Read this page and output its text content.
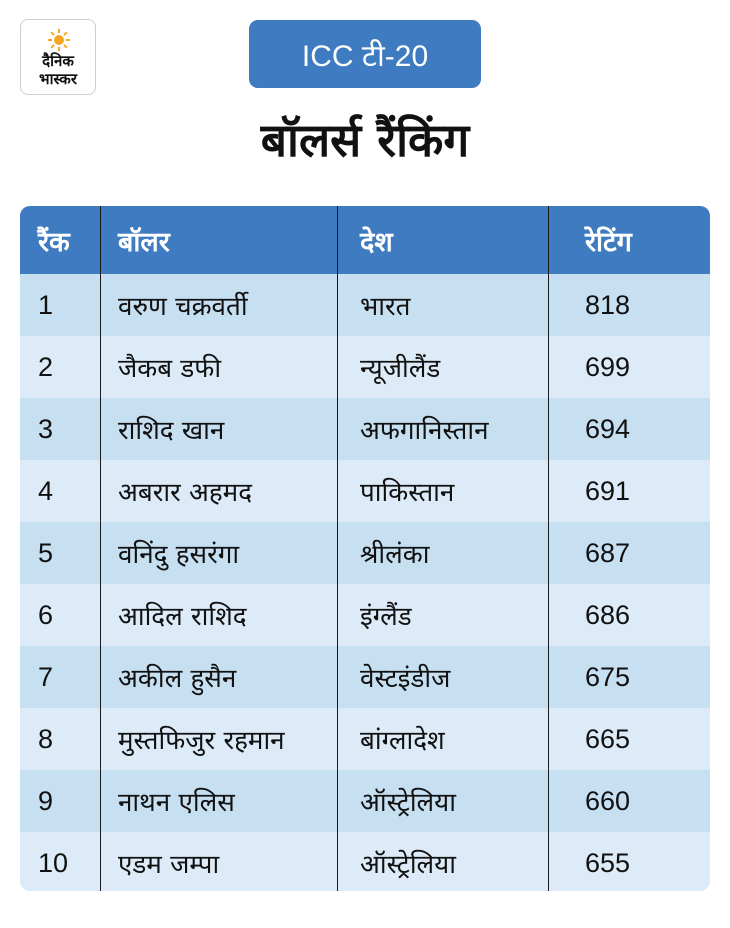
दैनिक
भास्कर
ICC टी-20
बॉलर्स रैंकिंग
रैंक बॉलर	देश	रेटिंग
1 वरुण चक्रवर्ती	भारत	818
2 जैकब डफी	न्यूजीलैंड	699
3 राशिद खान	अफगानिस्तान	694
4 अबरार अहमद	पाकिस्तान	691
5 वनिंदु हसरंगा	श्रीलंका	687
6 आदिल राशिद	इंग्लैंड	686
7 अकील हुसैन	वेस्टइंडीज	675
8 मुस्तफिजुर रहमान	बांग्लादेश	665
9 नाथन एलिस	ऑस्ट्रेलिया	660
10 एडम जम्पा	ऑस्ट्रेलिया	655
